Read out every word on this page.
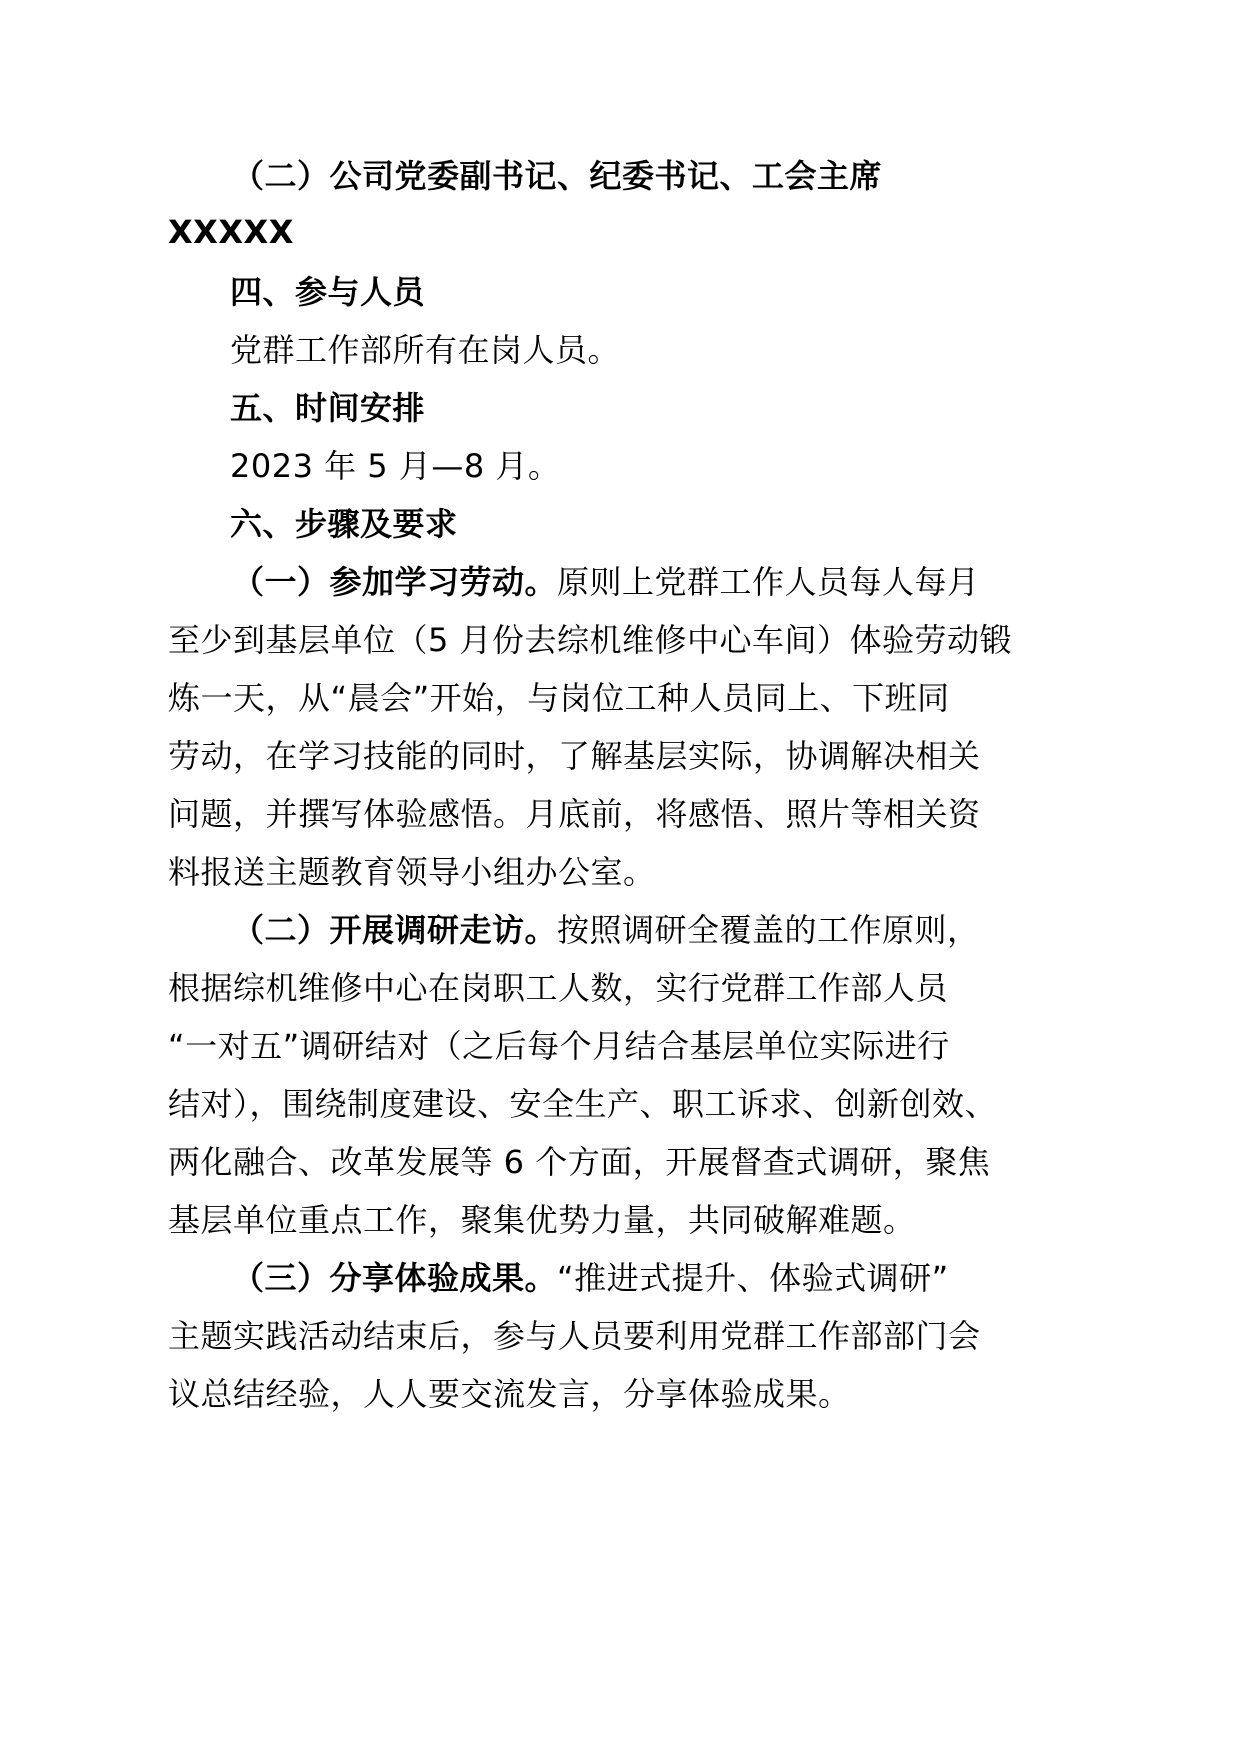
（二）公司党委副书记、纪委书记、工会主席
XXXXX
四、参与人员
党群工作部所有在岗人员。
五、时间安排
2023 年 5 月—8 月。
六、步骤及要求
（一）参加学习劳动。原则上党群工作人员每人每月
至少到基层单位（5 月份去综机维修中心车间）体验劳动锻
炼一天，从“晨会”开始，与岗位工种人员同上、下班同
劳动，在学习技能的同时，了解基层实际，协调解决相关
问题，并撰写体验感悟。月底前，将感悟、照片等相关资
料报送主题教育领导小组办公室。
（二）开展调研走访。按照调研全覆盖的工作原则，
根据综机维修中心在岗职工人数，实行党群工作部人员
“一对五”调研结对（之后每个月结合基层单位实际进行
结对），围绕制度建设、安全生产、职工诉求、创新创效、
两化融合、改革发展等 6 个方面，开展督查式调研，聚焦
基层单位重点工作，聚集优势力量，共同破解难题。
（三）分享体验成果。“推进式提升、体验式调研”
主题实践活动结束后，参与人员要利用党群工作部部门会
议总结经验，人人要交流发言，分享体验成果。
